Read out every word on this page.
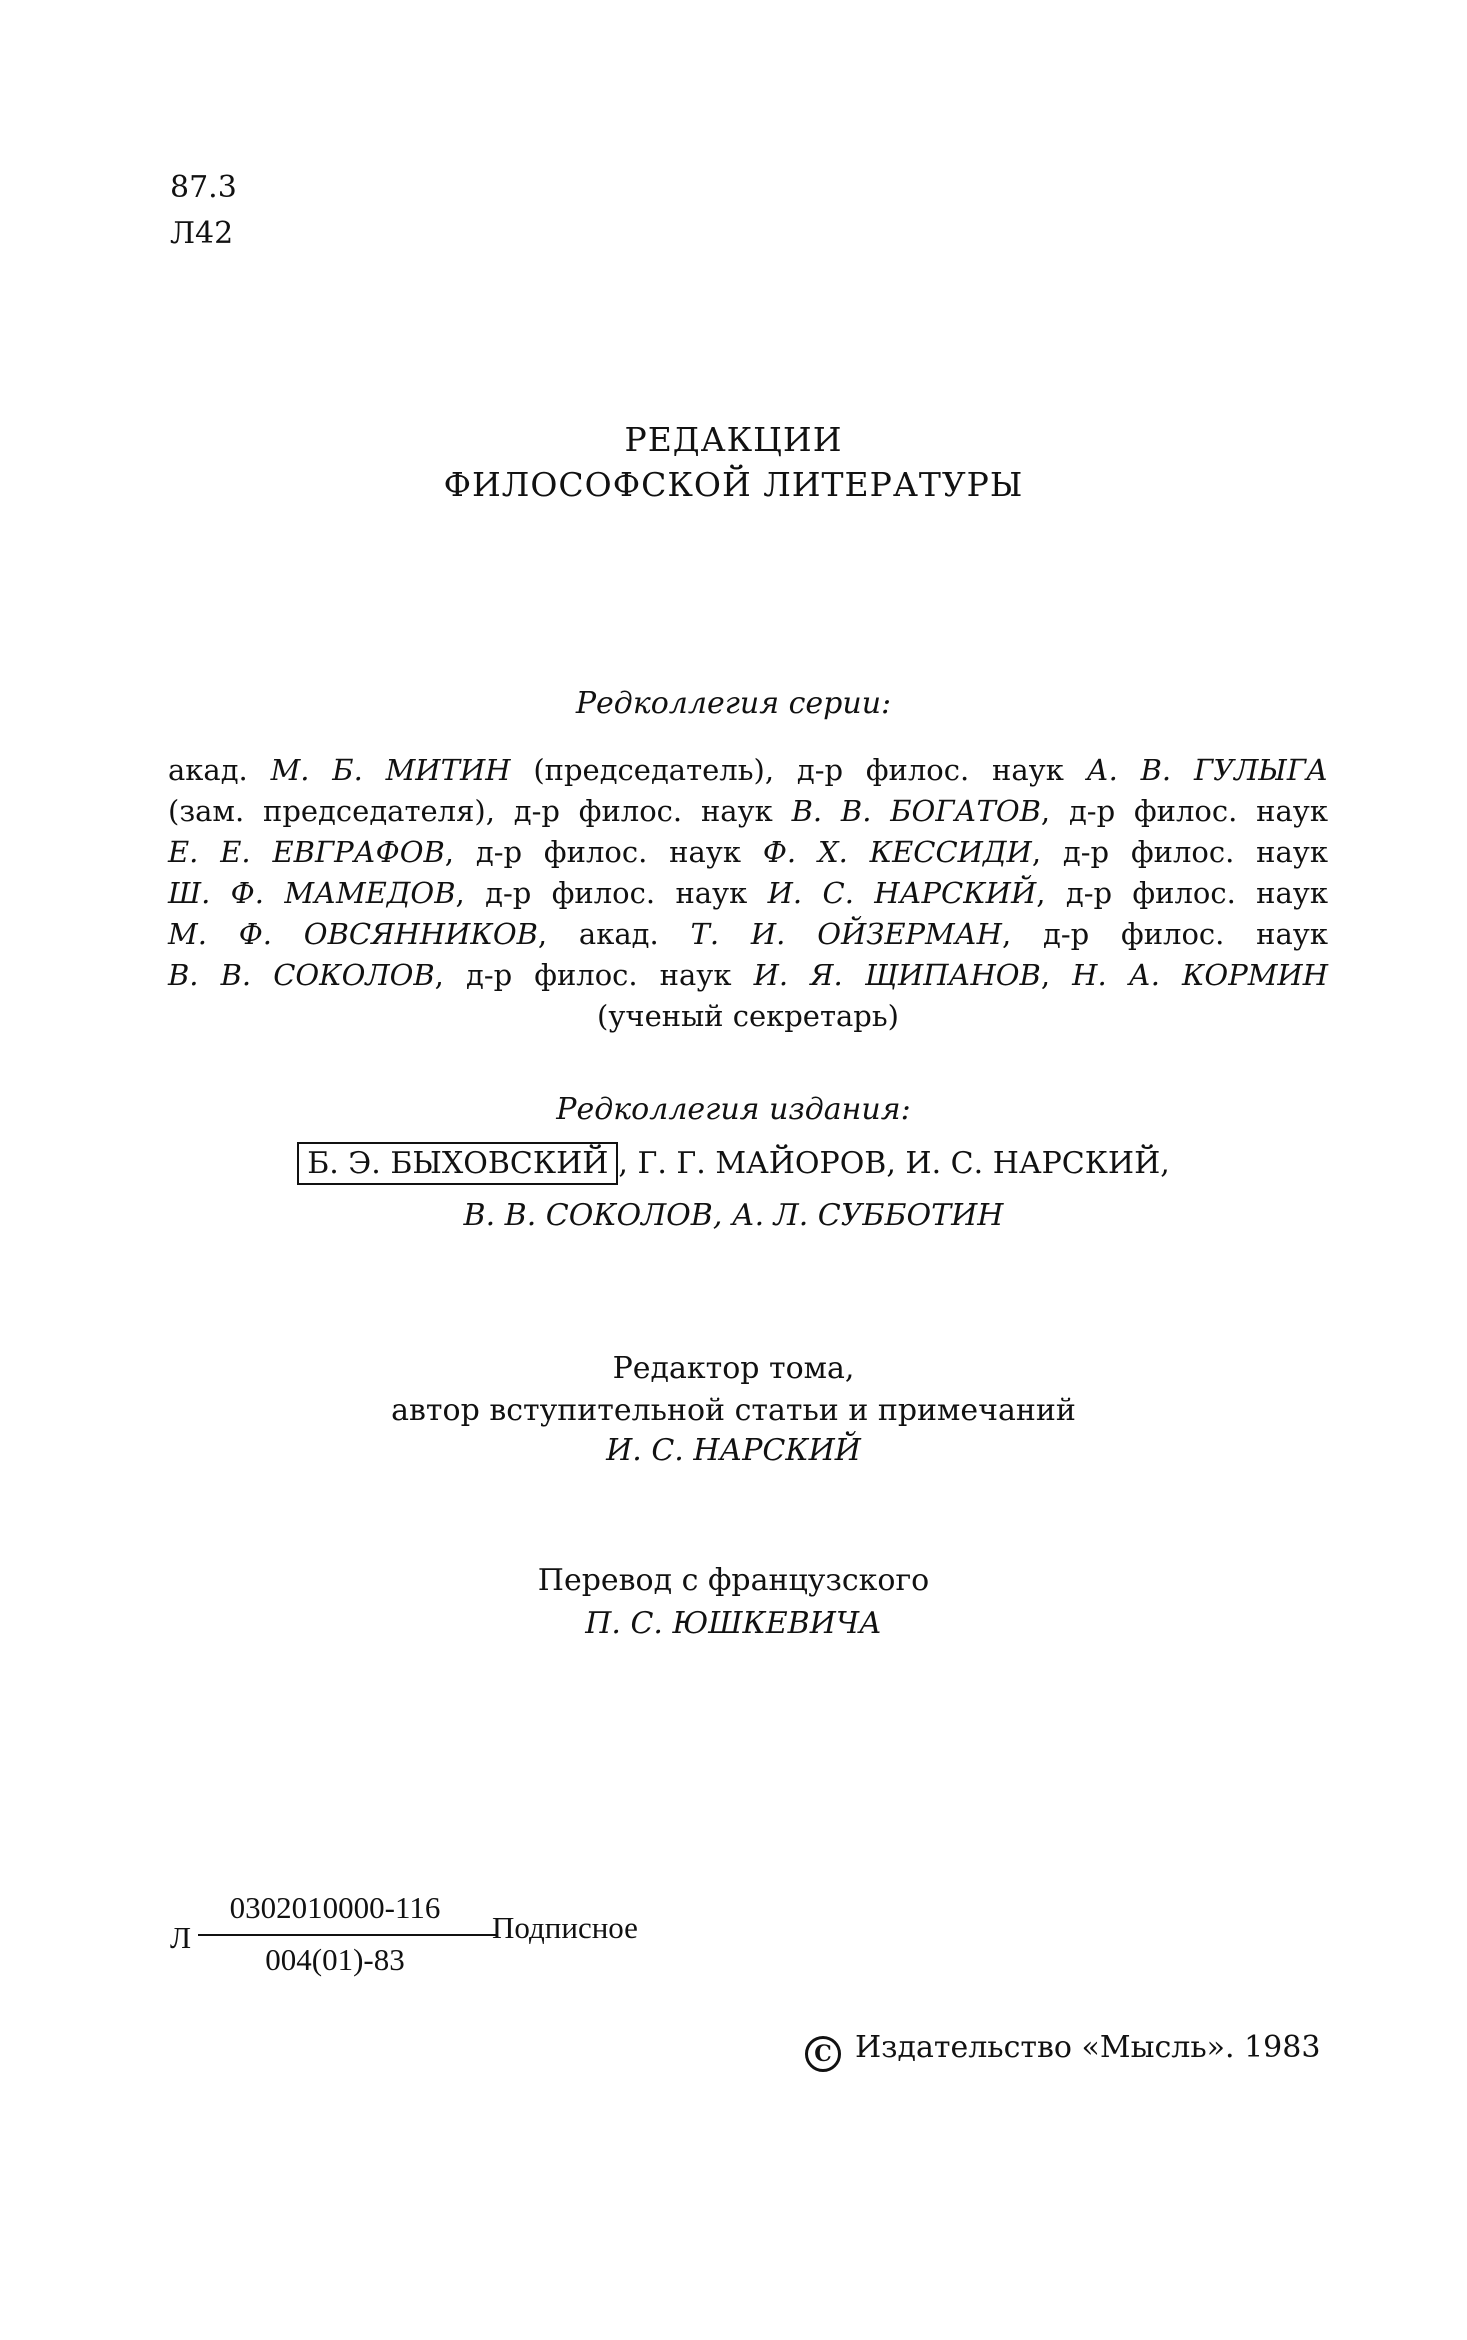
87.3
Л42
РЕДАКЦИИ
ФИЛОСОФСКОЙ ЛИТЕРАТУРЫ
Редколлегия серии:
акад. М. Б. МИТИН (председатель), д-р филос. наук А. В. ГУЛЫГА
(зам. председателя), д-р филос. наук В. В. БОГАТОВ, д-р филос. наук
Е. Е. ЕВГРАФОВ, д-р филос. наук Ф. Х. КЕССИДИ, д-р филос. наук
Ш. Ф. МАМЕДОВ, д-р филос. наук И. С. НАРСКИЙ, д-р филос. наук
М. Ф. ОВСЯННИКОВ, акад. Т. И. ОЙЗЕРМАН, д-р филос. наук
В. В. СОКОЛОВ, д-р филос. наук И. Я. ЩИПАНОВ, Н. А. КОРМИН
(ученый секретарь)
Редколлегия издания:
Б. Э. БЫХОВСКИЙ , Г. Г. МАЙОРОВ, И. С. НАРСКИЙ,
В. В. СОКОЛОВ, А. Л. СУББОТИН
Редактор тома,
автор вступительной статьи и примечаний
И. С. НАРСКИЙ
Перевод с французского
П. С. ЮШКЕВИЧА
Л
0302010000-116
004(01)-83
Подписное
C Издательство «Мысль». 1983
